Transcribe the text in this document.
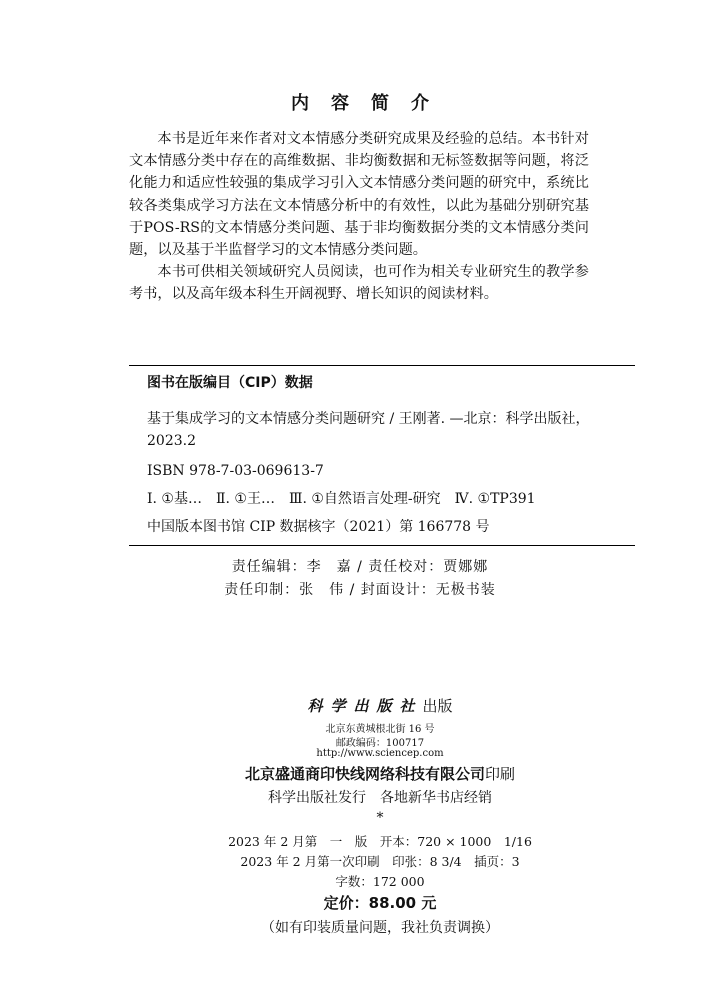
内容简介

本书是近年来作者对文本情感分类研究成果及经验的总结。本书针对文本情感分类中存在的高维数据、非均衡数据和无标签数据等问题，将泛化能力和适应性较强的集成学习引入文本情感分类问题的研究中，系统比较各类集成学习方法在文本情感分析中的有效性，以此为基础分别研究基于POS-RS的文本情感分类问题、基于非均衡数据分类的文本情感分类问题，以及基于半监督学习的文本情感分类问题。

本书可供相关领域研究人员阅读，也可作为相关专业研究生的教学参考书，以及高年级本科生开阔视野、增长知识的阅读材料。

图书在版编目（CIP）数据
基于集成学习的文本情感分类问题研究 / 王刚著. —北京：科学出版社，2023.2
ISBN 978-7-03-069613-7
Ⅰ. ①基…　Ⅱ. ①王…　Ⅲ. ①自然语言处理-研究　Ⅳ. ①TP391
中国版本图书馆 CIP 数据核字（2021）第 166778 号
责任编辑：李　嘉 / 责任校对：贾娜娜
责任印制：张　伟 / 封面设计：无极书装
科学出版社出版
北京东黄城根北街 16 号
邮政编码：100717
http://www.sciencep.com
北京盛通商印快线网络科技有限公司印刷
科学出版社发行　各地新华书店经销
*
2023 年 2 月第　一　版　开本：720 × 1000　1/16
2023 年 2 月第一次印刷　印张：8 3/4　插页：3
字数：172 000
定价：88.00 元
（如有印装质量问题，我社负责调换）
